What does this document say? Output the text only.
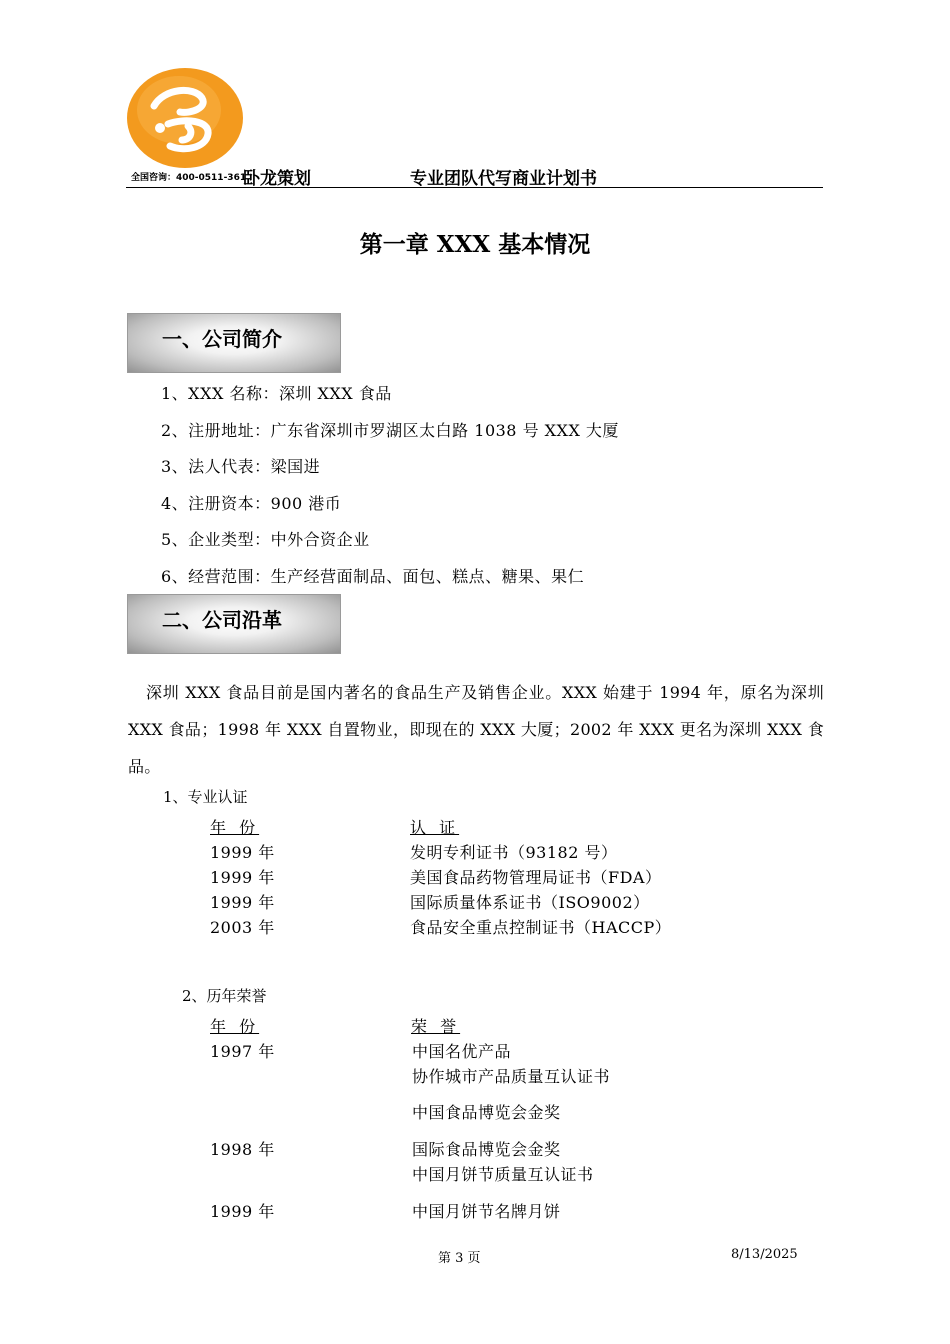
全国咨询：400-0511-361
卧龙策划	专业团队代写商业计划书
第一章 XXX 基本情况
一、公司简介
1、XXX 名称：深圳 XXX 食品
2、注册地址：广东省深圳市罗湖区太白路 1038 号 XXX 大厦
3、法人代表：梁国进
4、注册资本：900 港币
5、企业类型：中外合资企业
6、经营范围：生产经营面制品、面包、糕点、糖果、果仁
二、公司沿革
深圳 XXX 食品目前是国内著名的食品生产及销售企业。XXX 始建于 1994 年，原名为深圳 XXX 食品；1998 年 XXX 自置物业，即现在的 XXX 大厦；2002 年 XXX 更名为深圳 XXX 食品。
1、专业认证
年 份	认 证
1999 年	发明专利证书（93182 号）
1999 年	美国食品药物管理局证书（FDA）
1999 年	国际质量体系证书（ISO9002）
2003 年	食品安全重点控制证书（HACCP）
2、历年荣誉
年 份	荣 誉
1997 年	中国名优产品
协作城市产品质量互认证书
中国食品博览会金奖
1998 年	国际食品博览会金奖
中国月饼节质量互认证书
1999 年	中国月饼节名牌月饼
第 3 页	8/13/2025
